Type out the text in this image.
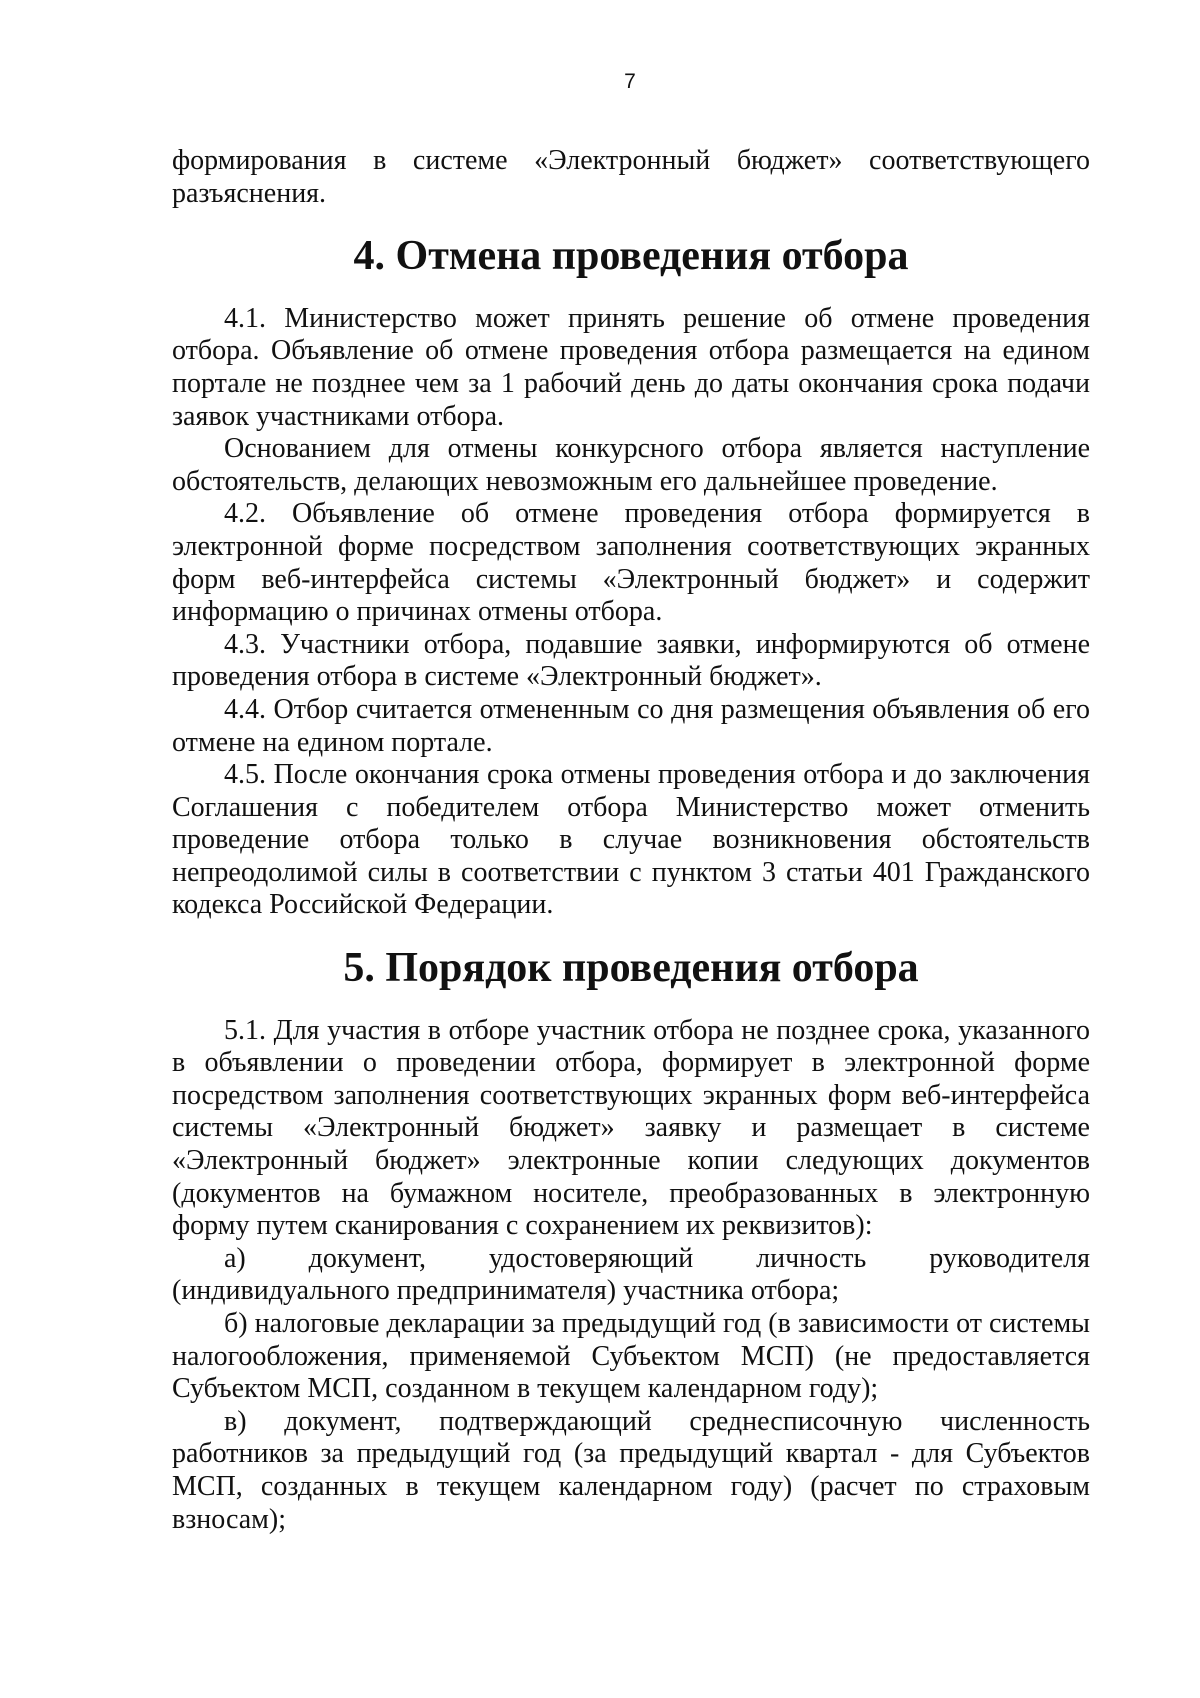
7

формирования в системе «Электронный бюджет» соответствующего разъяснения.

4. Отмена проведения отбора

4.1. Министерство может принять решение об отмене проведения отбора. Объявление об отмене проведения отбора размещается на едином портале не позднее чем за 1 рабочий день до даты окончания срока подачи заявок участниками отбора.

Основанием для отмены конкурсного отбора является наступление обстоятельств, делающих невозможным его дальнейшее проведение.

4.2. Объявление об отмене проведения отбора формируется в электронной форме посредством заполнения соответствующих экранных форм веб-интерфейса системы «Электронный бюджет» и содержит информацию о причинах отмены отбора.

4.3. Участники отбора, подавшие заявки, информируются об отмене проведения отбора в системе «Электронный бюджет».

4.4. Отбор считается отмененным со дня размещения объявления об его отмене на едином портале.

4.5. После окончания срока отмены проведения отбора и до заключения Соглашения с победителем отбора Министерство может отменить проведение отбора только в случае возникновения обстоятельств непреодолимой силы в соответствии с пунктом 3 статьи 401 Гражданского кодекса Российской Федерации.

5. Порядок проведения отбора

5.1. Для участия в отборе участник отбора не позднее срока, указанного в объявлении о проведении отбора, формирует в электронной форме посредством заполнения соответствующих экранных форм веб-интерфейса системы «Электронный бюджет» заявку и размещает в системе «Электронный бюджет» электронные копии следующих документов (документов на бумажном носителе, преобразованных в электронную форму путем сканирования с сохранением их реквизитов):

а) документ, удостоверяющий личность руководителя (индивидуального предпринимателя) участника отбора;

б) налоговые декларации за предыдущий год (в зависимости от системы налогообложения, применяемой Субъектом МСП) (не предоставляется Субъектом МСП, созданном в текущем календарном году);

в) документ, подтверждающий среднесписочную численность работников за предыдущий год (за предыдущий квартал - для Субъектов МСП, созданных в текущем календарном году) (расчет по страховым взносам);
